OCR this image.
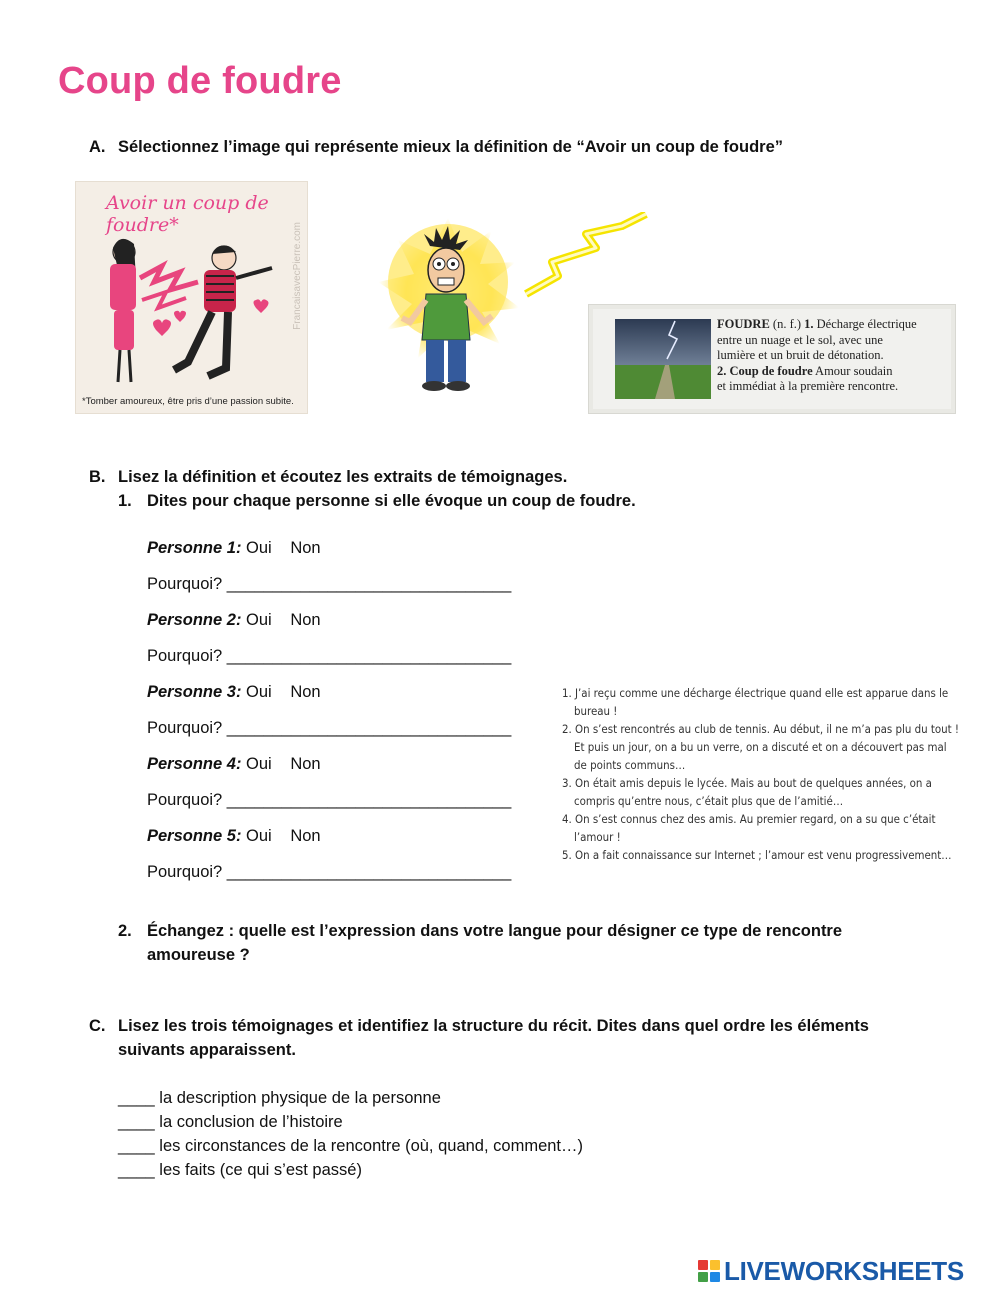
Coup de foudre
A. Sélectionnez l’image qui représente mieux la définition de “Avoir un coup de foudre”
Avoir un coup de foudre*	FrancaisavecPierre.com
*Tomber amoureux, être pris d’une passion subite.
FOUDRE (n. f.) 1. Décharge électrique
entre un nuage et le sol, avec une
lumière et un bruit de détonation.
2. Coup de foudre Amour soudain
et immédiat à la première rencontre.
B. Lisez la définition et écoutez les extraits de témoignages.
1. Dites pour chaque personne si elle évoque un coup de foudre.
Personne 1: Oui Non
Pourquoi? _______________________________
Personne 2: Oui Non
Pourquoi? _______________________________
Personne 3: Oui Non
Pourquoi? _______________________________
Personne 4: Oui Non
Pourquoi? _______________________________
Personne 5: Oui Non
Pourquoi? _______________________________
1. J’ai reçu comme une décharge électrique quand elle est apparue dans le bureau !
2. On s’est rencontrés au club de tennis. Au début, il ne m’a pas plu du tout ! Et puis un jour, on a bu un verre, on a discuté et on a découvert pas mal de points communs…
3. On était amis depuis le lycée. Mais au bout de quelques années, on a compris qu’entre nous, c’était plus que de l’amitié…
4. On s’est connus chez des amis. Au premier regard, on a su que c’était l’amour !
5. On a fait connaissance sur Internet ; l’amour est venu progressivement…
2. Échangez : quelle est l’expression dans votre langue pour désigner ce type de rencontre
amoureuse ?
C. Lisez les trois témoignages et identifiez la structure du récit. Dites dans quel ordre les éléments
suivants apparaissent.
____ la description physique de la personne
____ la conclusion de l’histoire
____ les circonstances de la rencontre (où, quand, comment…)
____ les faits (ce qui s’est passé)
LIVEWORKSHEETS
